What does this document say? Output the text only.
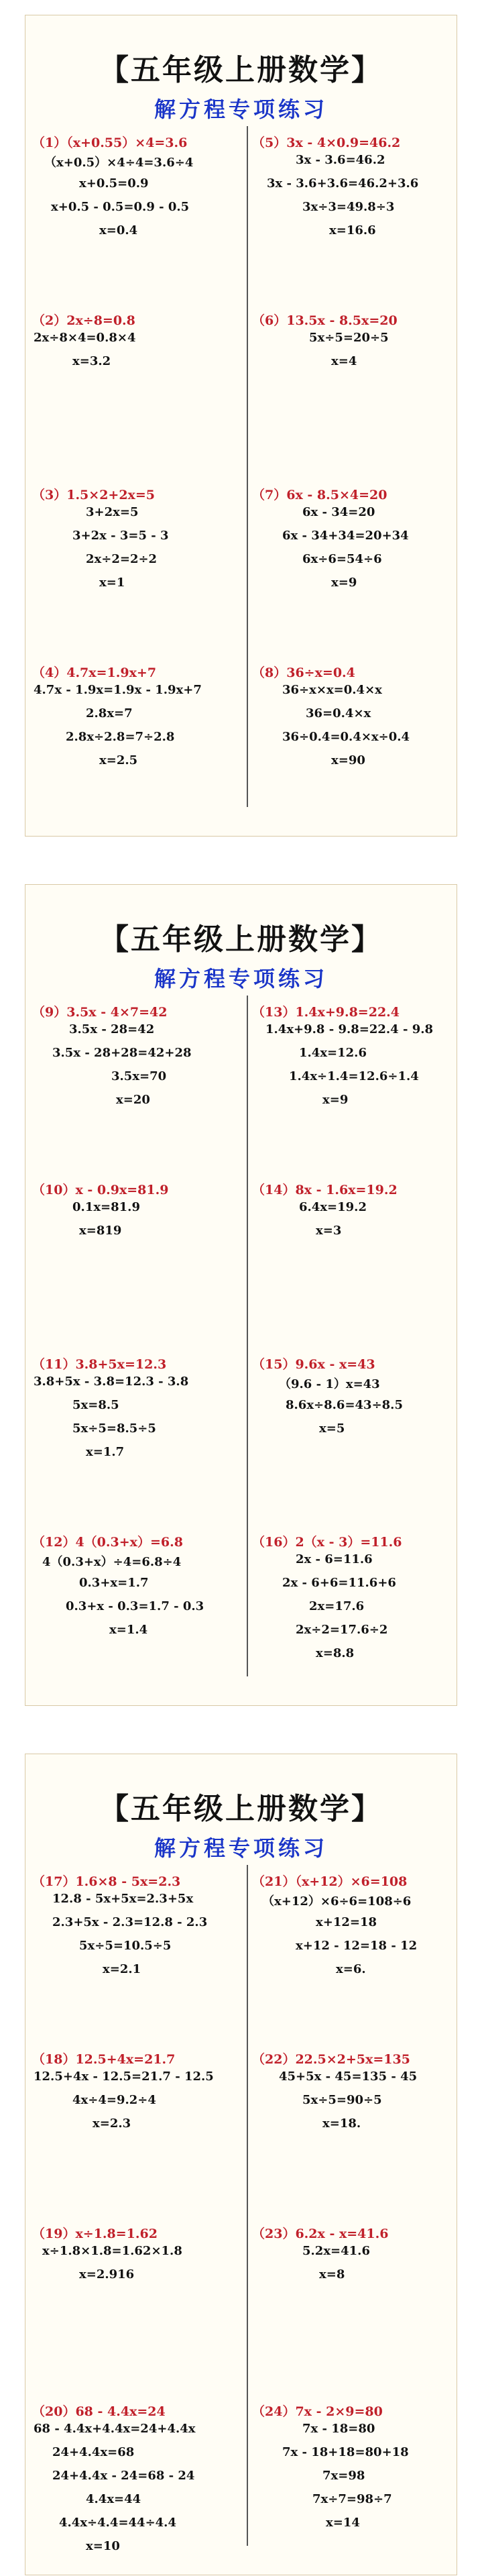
【五年级上册数学】
解方程专项练习
（1）（x+0.55）×4=3.6
（x+0.5）×4÷4=3.6÷4
x+0.5=0.9
x+0.5 - 0.5=0.9 - 0.5
x=0.4
（2）2x÷8=0.8
2x÷8×4=0.8×4
x=3.2
（3）1.5×2+2x=5
3+2x=5
3+2x - 3=5 - 3
2x÷2=2÷2
x=1
（4）4.7x=1.9x+7
4.7x - 1.9x=1.9x - 1.9x+7
2.8x=7
2.8x÷2.8=7÷2.8
x=2.5
（5）3x - 4×0.9=46.2
3x - 3.6=46.2
3x - 3.6+3.6=46.2+3.6
3x÷3=49.8÷3
x=16.6
（6）13.5x - 8.5x=20
5x÷5=20÷5
x=4
（7）6x - 8.5×4=20
6x - 34=20
6x - 34+34=20+34
6x÷6=54÷6
x=9
（8）36÷x=0.4
36÷x×x=0.4×x
36=0.4×x
36÷0.4=0.4×x÷0.4
x=90
【五年级上册数学】
解方程专项练习
（9）3.5x - 4×7=42
3.5x - 28=42
3.5x - 28+28=42+28
3.5x=70
x=20
（10）x - 0.9x=81.9
0.1x=81.9
x=819
（11）3.8+5x=12.3
3.8+5x - 3.8=12.3 - 3.8
5x=8.5
5x÷5=8.5÷5
x=1.7
（12）4（0.3+x）=6.8
4（0.3+x）÷4=6.8÷4
0.3+x=1.7
0.3+x - 0.3=1.7 - 0.3
x=1.4
（13）1.4x+9.8=22.4
1.4x+9.8 - 9.8=22.4 - 9.8
1.4x=12.6
1.4x÷1.4=12.6÷1.4
x=9
（14）8x - 1.6x=19.2
6.4x=19.2
x=3
（15）9.6x - x=43
（9.6 - 1）x=43
8.6x÷8.6=43÷8.5
x=5
（16）2（x - 3）=11.6
2x - 6=11.6
2x - 6+6=11.6+6
2x=17.6
2x÷2=17.6÷2
x=8.8
【五年级上册数学】
解方程专项练习
（17）1.6×8 - 5x=2.3
12.8 - 5x+5x=2.3+5x
2.3+5x - 2.3=12.8 - 2.3
5x÷5=10.5÷5
x=2.1
（18）12.5+4x=21.7
12.5+4x - 12.5=21.7 - 12.5
4x÷4=9.2÷4
x=2.3
（19）x÷1.8=1.62
x÷1.8×1.8=1.62×1.8
x=2.916
（20）68 - 4.4x=24
68 - 4.4x+4.4x=24+4.4x
24+4.4x=68
24+4.4x - 24=68 - 24
4.4x=44
4.4x÷4.4=44÷4.4
x=10
（21）（x+12）×6=108
（x+12）×6÷6=108÷6
x+12=18
x+12 - 12=18 - 12
x=6.
（22）22.5×2+5x=135
45+5x - 45=135 - 45
5x÷5=90÷5
x=18.
（23）6.2x - x=41.6
5.2x=41.6
x=8
（24）7x - 2×9=80
7x - 18=80
7x - 18+18=80+18
7x=98
7x÷7=98÷7
x=14
